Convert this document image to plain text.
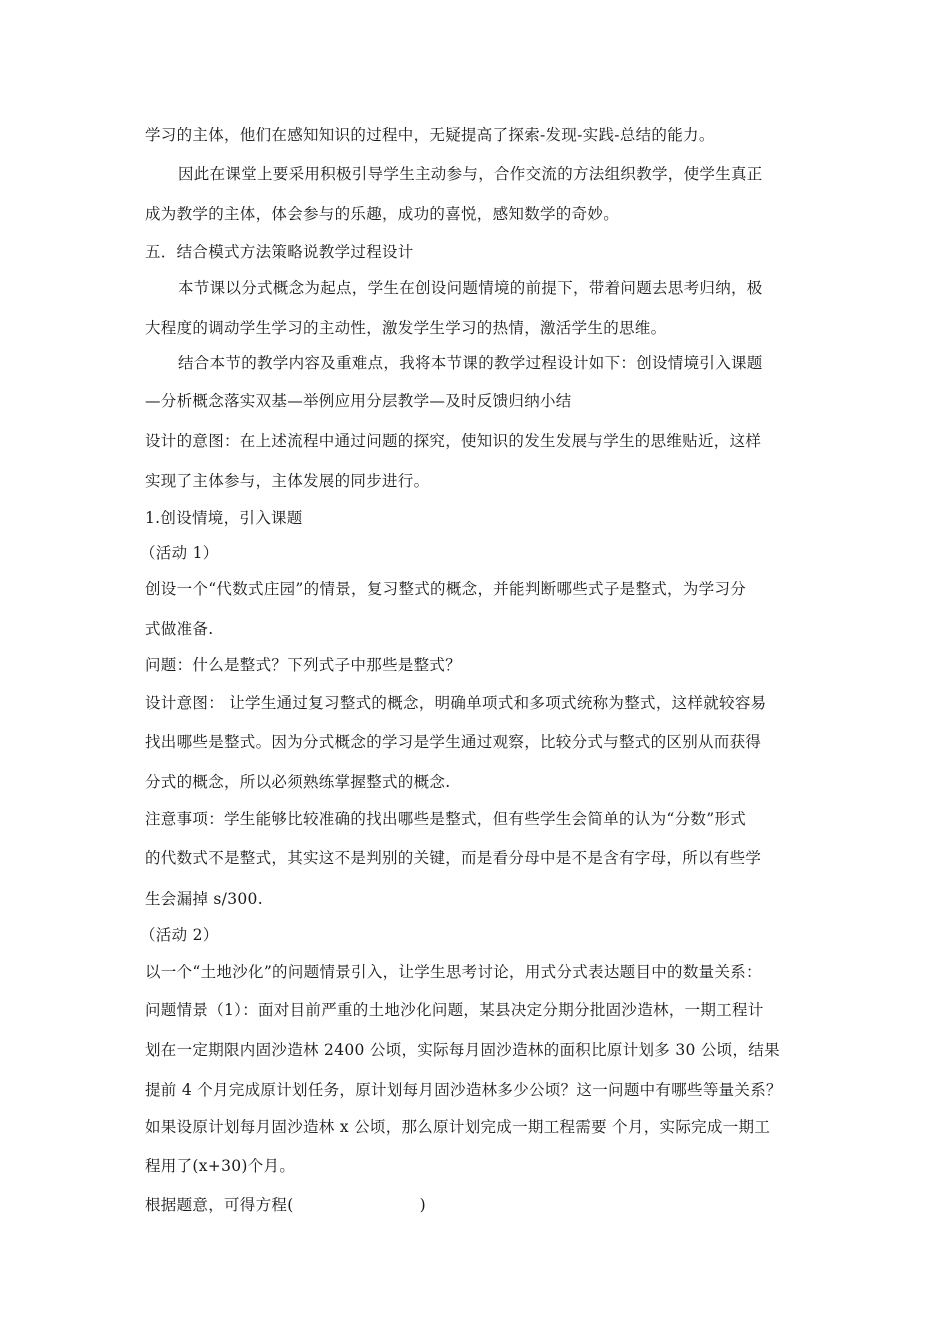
学习的主体，他们在感知知识的过程中，无疑提高了探索-发现-实践-总结的能力。
因此在课堂上要采用积极引导学生主动参与，合作交流的方法组织教学，使学生真正
成为教学的主体，体会参与的乐趣，成功的喜悦，感知数学的奇妙。
五．结合模式方法策略说教学过程设计
本节课以分式概念为起点，学生在创设问题情境的前提下，带着问题去思考归纳，极
大程度的调动学生学习的主动性，激发学生学习的热情，激活学生的思维。
结合本节的教学内容及重难点，我将本节课的教学过程设计如下：创设情境引入课题
—分析概念落实双基—举例应用分层教学—及时反馈归纳小结
设计的意图：在上述流程中通过问题的探究，使知识的发生发展与学生的思维贴近，这样
实现了主体参与，主体发展的同步进行。
1.创设情境，引入课题
（活动 1）
创设一个“代数式庄园”的情景，复习整式的概念，并能判断哪些式子是整式，为学习分
式做准备.
问题：什么是整式？下列式子中那些是整式？
设计意图： 让学生通过复习整式的概念，明确单项式和多项式统称为整式，这样就较容易
找出哪些是整式。因为分式概念的学习是学生通过观察，比较分式与整式的区别从而获得
分式的概念，所以必须熟练掌握整式的概念.
注意事项：学生能够比较准确的找出哪些是整式，但有些学生会简单的认为“分数”形式
的代数式不是整式，其实这不是判别的关键，而是看分母中是不是含有字母，所以有些学
生会漏掉 s/300.
（活动 2）
以一个“土地沙化”的问题情景引入，让学生思考讨论，用式分式表达题目中的数量关系：
问题情景（1）：面对目前严重的土地沙化问题，某县决定分期分批固沙造林，一期工程计
划在一定期限内固沙造林 2400 公顷，实际每月固沙造林的面积比原计划多 30 公顷，结果
提前 4 个月完成原计划任务，原计划每月固沙造林多少公顷？这一问题中有哪些等量关系？
如果设原计划每月固沙造林 x 公顷，那么原计划完成一期工程需要 个月，实际完成一期工
程用了(x+30)个月。
根据题意，可得方程(	)
